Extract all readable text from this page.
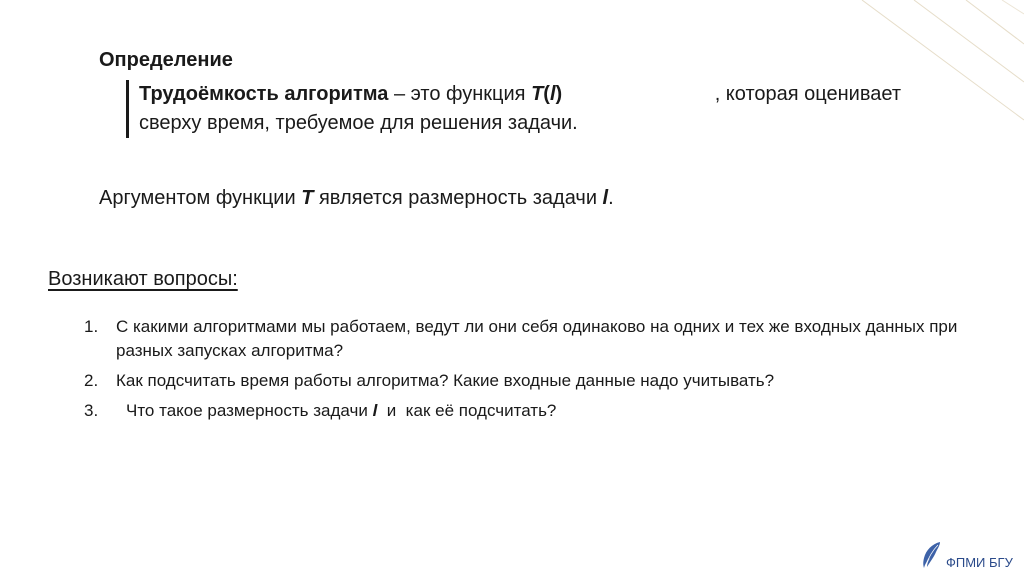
Определение
Трудоёмкость алгоритма – это функция T(l)	, которая оценивает
сверху время, требуемое для решения задачи.
Аргументом функции T является размерность задачи l.
Возникают вопросы:
1. С какими алгоритмами мы работаем, ведут ли они себя одинаково на одних и тех же входных данных при разных запусках алгоритма?
2. Как подсчитать время работы алгоритма? Какие входные данные надо учитывать?
3. Что такое размерность задачи l  и  как её подсчитать?
ФПМИ БГУ
